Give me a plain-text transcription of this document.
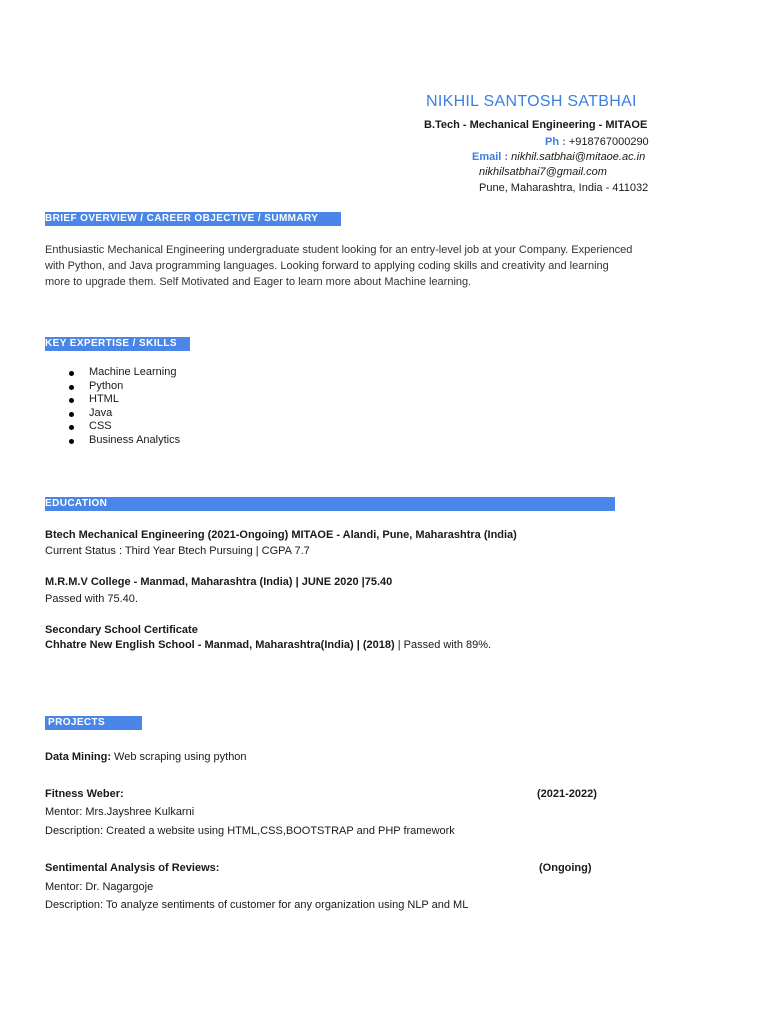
NIKHIL SANTOSH SATBHAI
B.Tech - Mechanical Engineering - MITAOE
Ph : +918767000290
Email : nikhil.satbhai@mitaoe.ac.in
nikhilsatbhai7@gmail.com
Pune, Maharashtra, India - 411032
BRIEF OVERVIEW / CAREER OBJECTIVE / SUMMARY
Enthusiastic Mechanical Engineering undergraduate student looking for an entry-level job at your Company. Experienced
with Python, and Java programming languages. Looking forward to applying coding skills and creativity and learning
more to upgrade them. Self Motivated and Eager to learn more about Machine learning.
KEY EXPERTISE / SKILLS
Machine Learning
Python
HTML
Java
CSS
Business Analytics
EDUCATION
Btech Mechanical Engineering (2021-Ongoing) MITAOE - Alandi, Pune, Maharashtra (India)
Current Status : Third Year Btech Pursuing | CGPA 7.7
M.R.M.V College - Manmad, Maharashtra (India) | JUNE 2020 |75.40
Passed with 75.40.
Secondary School Certificate
Chhatre New English School - Manmad, Maharashtra(India) | (2018) | Passed with 89%.
PROJECTS
Data Mining: Web scraping using python
Fitness Weber:	(2021-2022)
Mentor: Mrs.Jayshree Kulkarni
Description: Created a website using HTML,CSS,BOOTSTRAP and PHP framework
Sentimental Analysis of Reviews:	(Ongoing)
Mentor: Dr. Nagargoje
Description: To analyze sentiments of customer for any organization using NLP and ML
